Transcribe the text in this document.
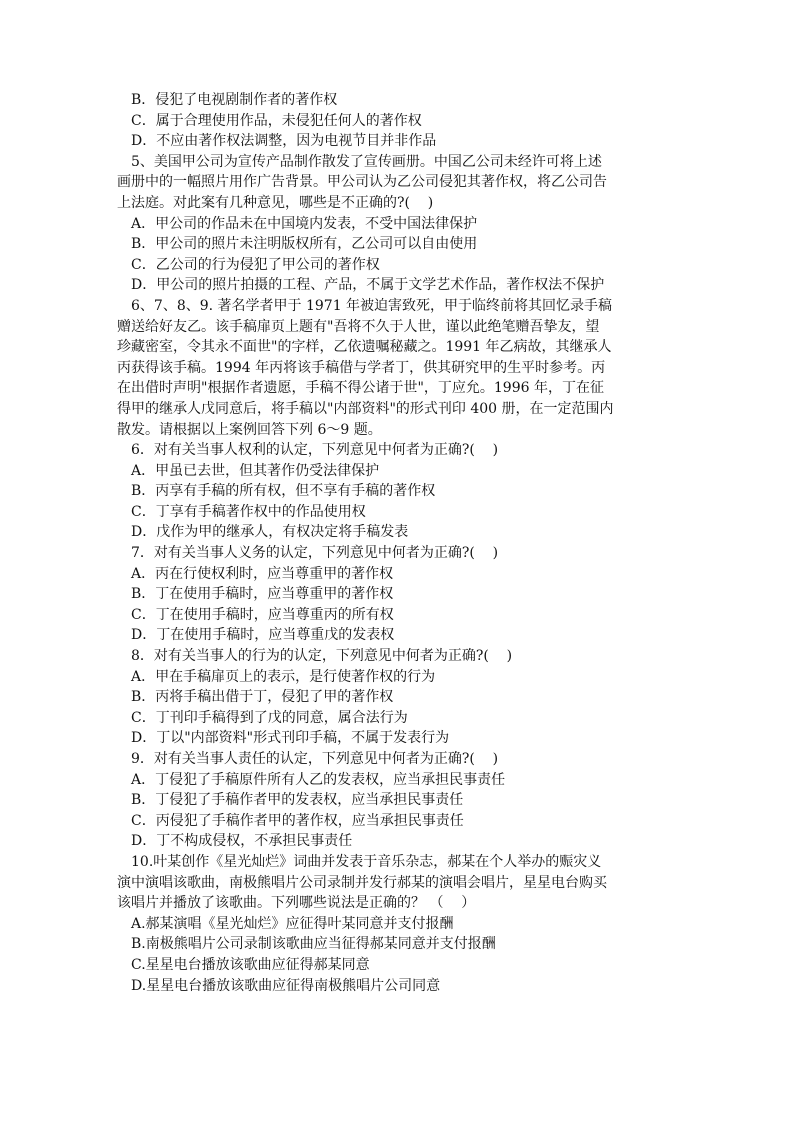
B．侵犯了电视剧制作者的著作权
C．属于合理使用作品，未侵犯任何人的著作权
D．不应由著作权法调整，因为电视节目并非作品
5、美国甲公司为宣传产品制作散发了宣传画册。中国乙公司未经许可将上述
画册中的一幅照片用作广告背景。甲公司认为乙公司侵犯其著作权，将乙公司告
上法庭。对此案有几种意见，哪些是不正确的?(    )
A．甲公司的作品未在中国境内发表，不受中国法律保护
B．甲公司的照片未注明版权所有，乙公司可以自由使用
C．乙公司的行为侵犯了甲公司的著作权
D．甲公司的照片拍摄的工程、产品，不属于文学艺术作品，著作权法不保护
6、7、8、9. 著名学者甲于 1971 年被迫害致死，甲于临终前将其回忆录手稿
赠送给好友乙。该手稿扉页上题有"吾将不久于人世，谨以此绝笔赠吾挚友，望
珍藏密室，令其永不面世"的字样，乙依遗嘱秘藏之。1991 年乙病故，其继承人
丙获得该手稿。1994 年丙将该手稿借与学者丁，供其研究甲的生平时参考。丙
在出借时声明"根据作者遗愿，手稿不得公诸于世"，丁应允。1996 年，丁在征
得甲的继承人戊同意后，将手稿以"内部资料"的形式刊印 400 册，在一定范围内
散发。请根据以上案例回答下列 6～9 题。
6．对有关当事人权利的认定，下列意见中何者为正确?(    )
A．甲虽已去世，但其著作仍受法律保护
B．丙享有手稿的所有权，但不享有手稿的著作权
C．丁享有手稿著作权中的作品使用权
D．戊作为甲的继承人，有权决定将手稿发表
7．对有关当事人义务的认定，下列意见中何者为正确?(    )
A．丙在行使权利时，应当尊重甲的著作权
B．丁在使用手稿时，应当尊重甲的著作权
C．丁在使用手稿时，应当尊重丙的所有权
D．丁在使用手稿时，应当尊重戊的发表权
8．对有关当事人的行为的认定，下列意见中何者为正确?(    )
A．甲在手稿扉页上的表示，是行使著作权的行为
B．丙将手稿出借于丁，侵犯了甲的著作权
C．丁刊印手稿得到了戊的同意，属合法行为
D．丁以"内部资料"形式刊印手稿，不属于发表行为
9．对有关当事人责任的认定，下列意见中何者为正确?(    )
A．丁侵犯了手稿原件所有人乙的发表权，应当承担民事责任
B．丁侵犯了手稿作者甲的发表权，应当承担民事责任
C．丙侵犯了手稿作者甲的著作权，应当承担民事责任
D．丁不构成侵权，不承担民事责任
10.叶某创作《星光灿烂》词曲并发表于音乐杂志，郝某在个人举办的赈灾义
演中演唱该歌曲，南极熊唱片公司录制并发行郝某的演唱会唱片，星星电台购买
该唱片并播放了该歌曲。下列哪些说法是正确的？ （    ）
A.郝某演唱《星光灿烂》应征得叶某同意并支付报酬
B.南极熊唱片公司录制该歌曲应当征得郝某同意并支付报酬
C.星星电台播放该歌曲应征得郝某同意
D.星星电台播放该歌曲应征得南极熊唱片公司同意
